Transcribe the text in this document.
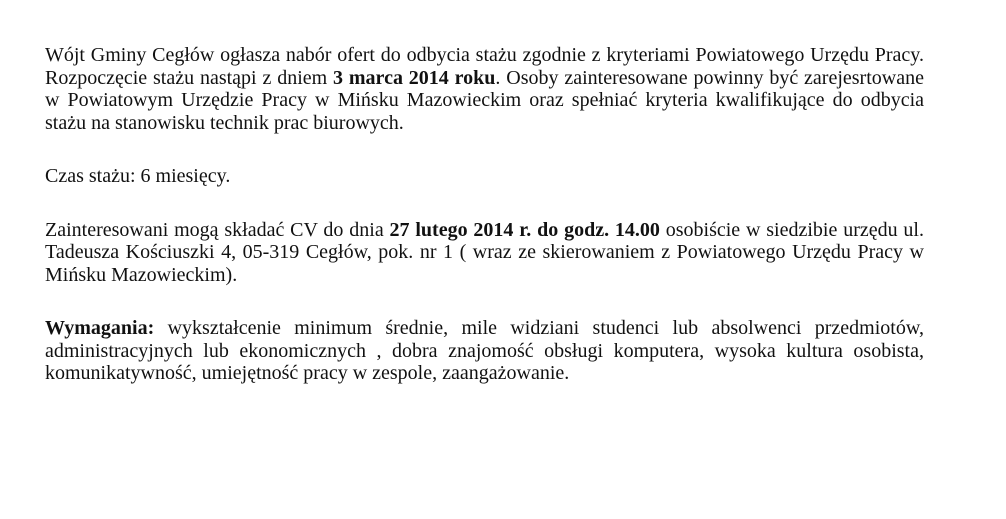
Wójt Gminy Cegłów ogłasza nabór ofert do odbycia stażu zgodnie z kryteriami Powiatowego Urzędu Pracy. Rozpoczęcie stażu nastąpi z dniem 3 marca 2014 roku. Osoby zainteresowane powinny być zarejesrtowane w Powiatowym Urzędzie Pracy w Mińsku Mazowieckim oraz spełniać kryteria kwalifikujące do odbycia stażu na stanowisku technik prac biurowych.

Czas stażu: 6 miesięcy.

Zainteresowani mogą składać CV do dnia 27 lutego 2014 r. do godz. 14.00 osobiście w siedzibie urzędu ul. Tadeusza Kościuszki 4, 05-319 Cegłów, pok. nr 1 ( wraz ze skierowaniem z Powiatowego Urzędu Pracy w Mińsku Mazowieckim).

Wymagania: wykształcenie minimum średnie, mile widziani studenci lub absolwenci przedmiotów, administracyjnych lub ekonomicznych , dobra znajomość obsługi komputera, wysoka kultura osobista, komunikatywność, umiejętność pracy w zespole, zaangażowanie.
